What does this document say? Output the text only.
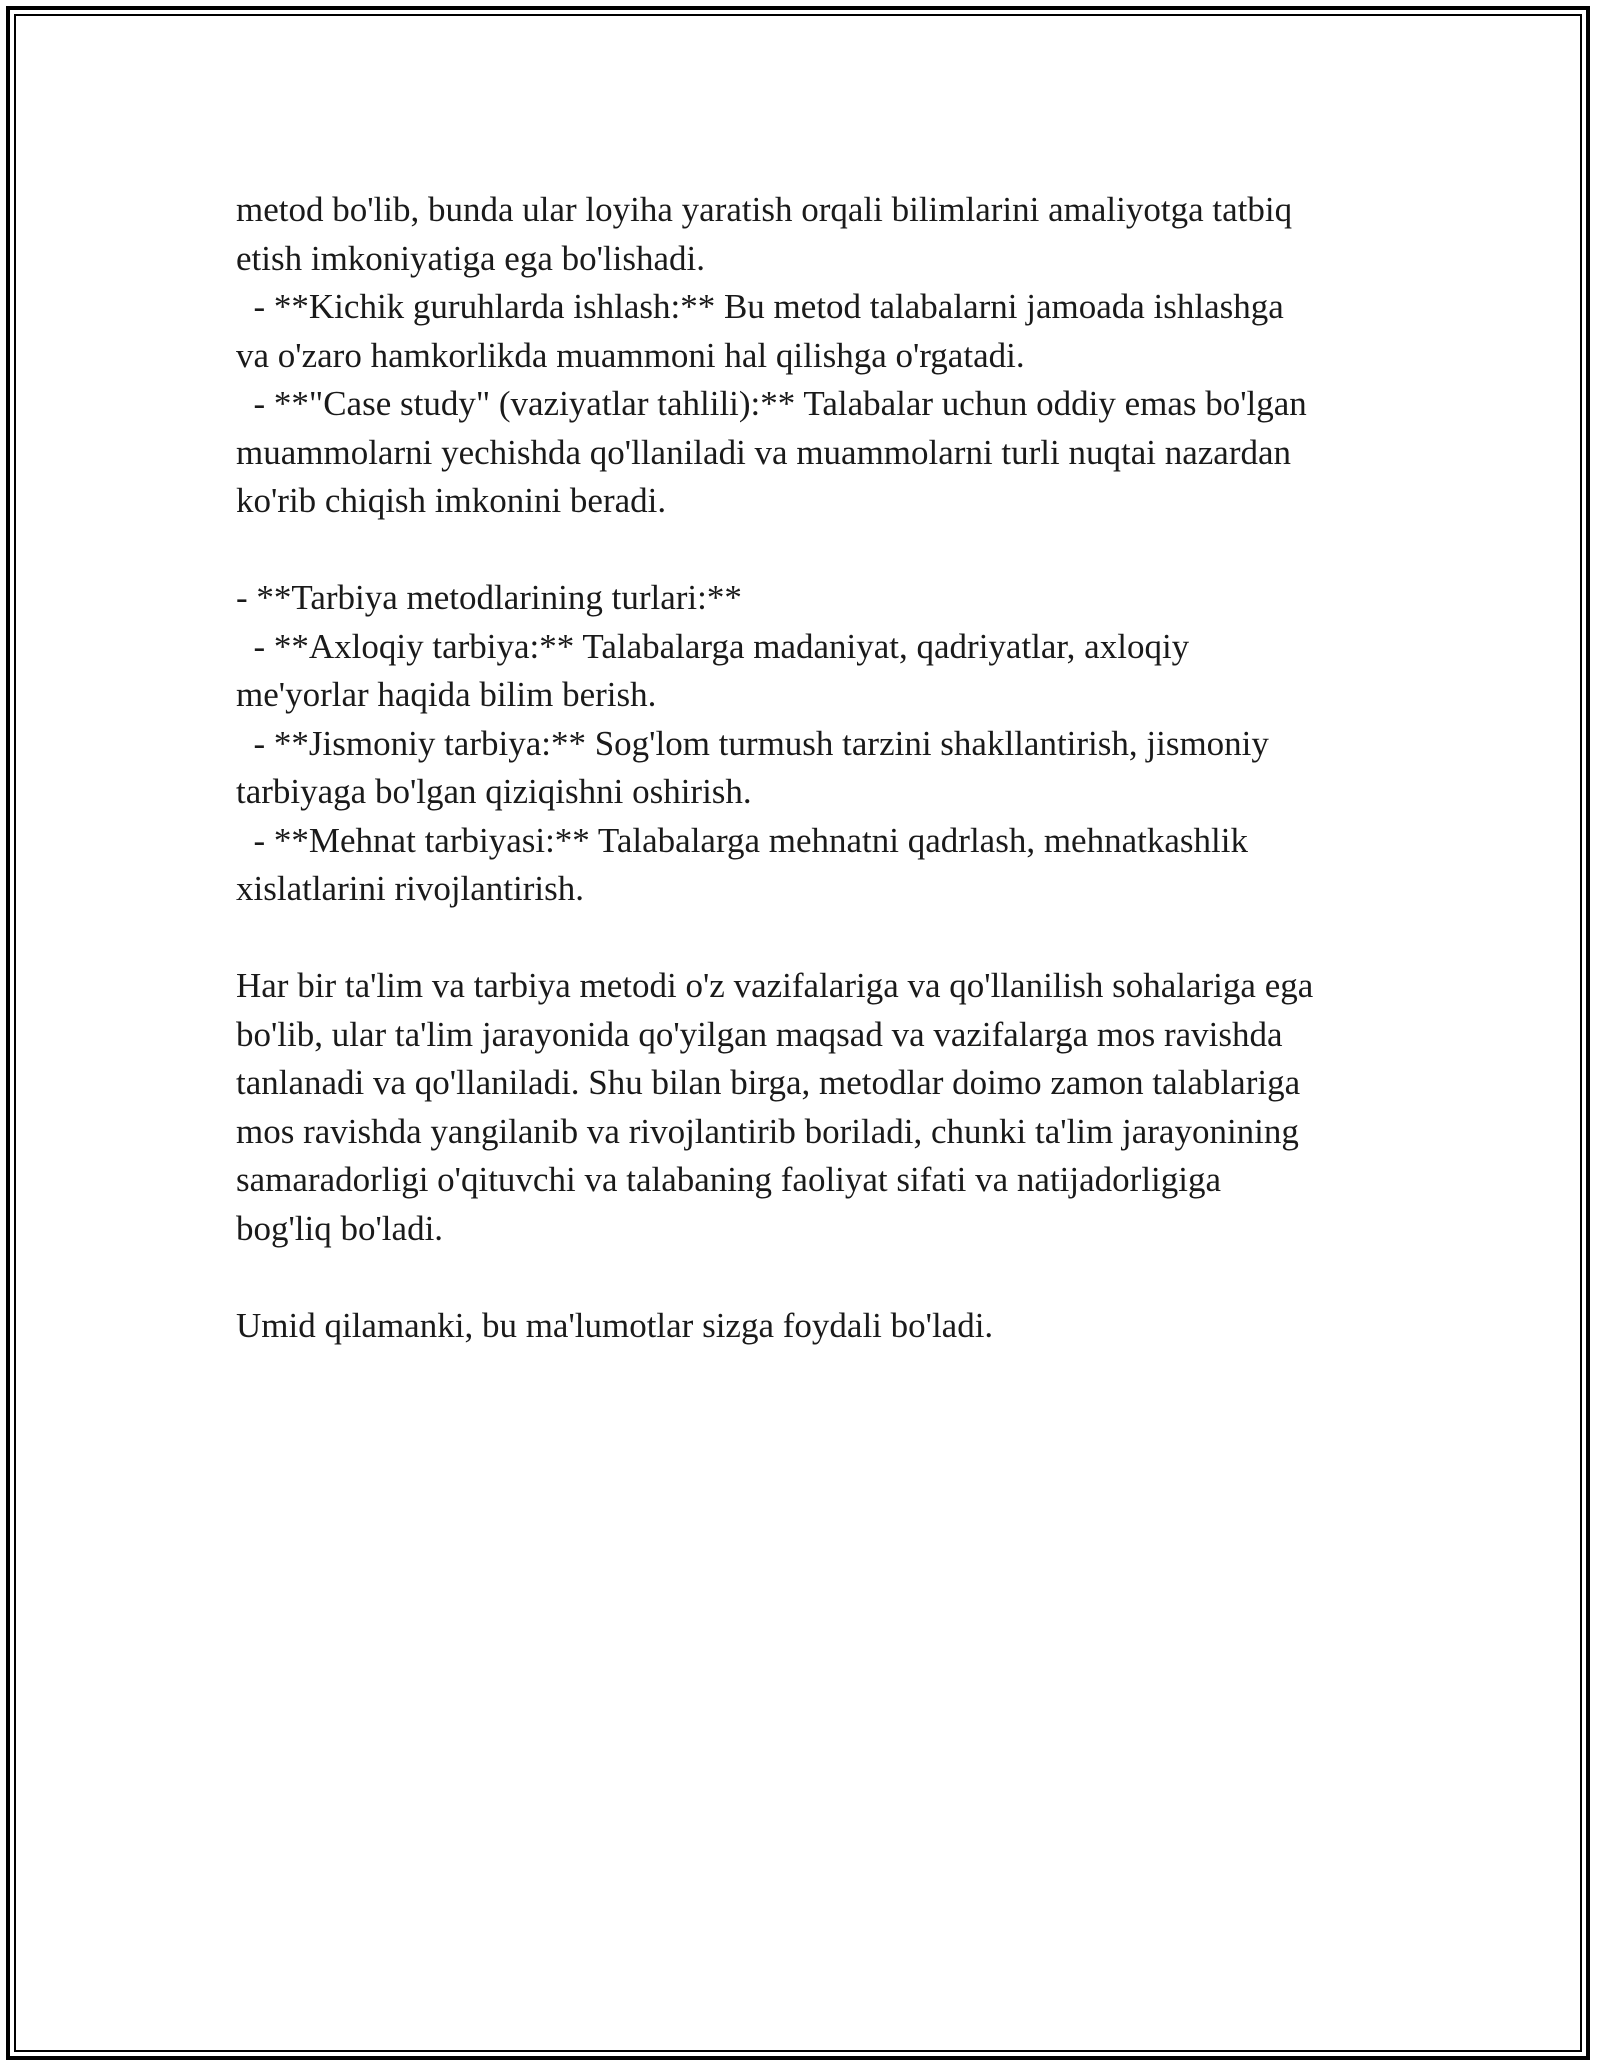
metod bo'lib, bunda ular loyiha yaratish orqali bilimlarini amaliyotga tatbiq
etish imkoniyatiga ega bo'lishadi.
- **Kichik guruhlarda ishlash:** Bu metod talabalarni jamoada ishlashga
va o'zaro hamkorlikda muammoni hal qilishga o'rgatadi.
- **"Case study" (vaziyatlar tahlili):** Talabalar uchun oddiy emas bo'lgan
muammolarni yechishda qo'llaniladi va muammolarni turli nuqtai nazardan
ko'rib chiqish imkonini beradi.
- **Tarbiya metodlarining turlari:**
- **Axloqiy tarbiya:** Talabalarga madaniyat, qadriyatlar, axloqiy
me'yorlar haqida bilim berish.
- **Jismoniy tarbiya:** Sog'lom turmush tarzini shakllantirish, jismoniy
tarbiyaga bo'lgan qiziqishni oshirish.
- **Mehnat tarbiyasi:** Talabalarga mehnatni qadrlash, mehnatkashlik
xislatlarini rivojlantirish.
Har bir ta'lim va tarbiya metodi o'z vazifalariga va qo'llanilish sohalariga ega
bo'lib, ular ta'lim jarayonida qo'yilgan maqsad va vazifalarga mos ravishda
tanlanadi va qo'llaniladi. Shu bilan birga, metodlar doimo zamon talablariga
mos ravishda yangilanib va rivojlantirib boriladi, chunki ta'lim jarayonining
samaradorligi o'qituvchi va talabaning faoliyat sifati va natijadorligiga
bog'liq bo'ladi.
Umid qilamanki, bu ma'lumotlar sizga foydali bo'ladi.
